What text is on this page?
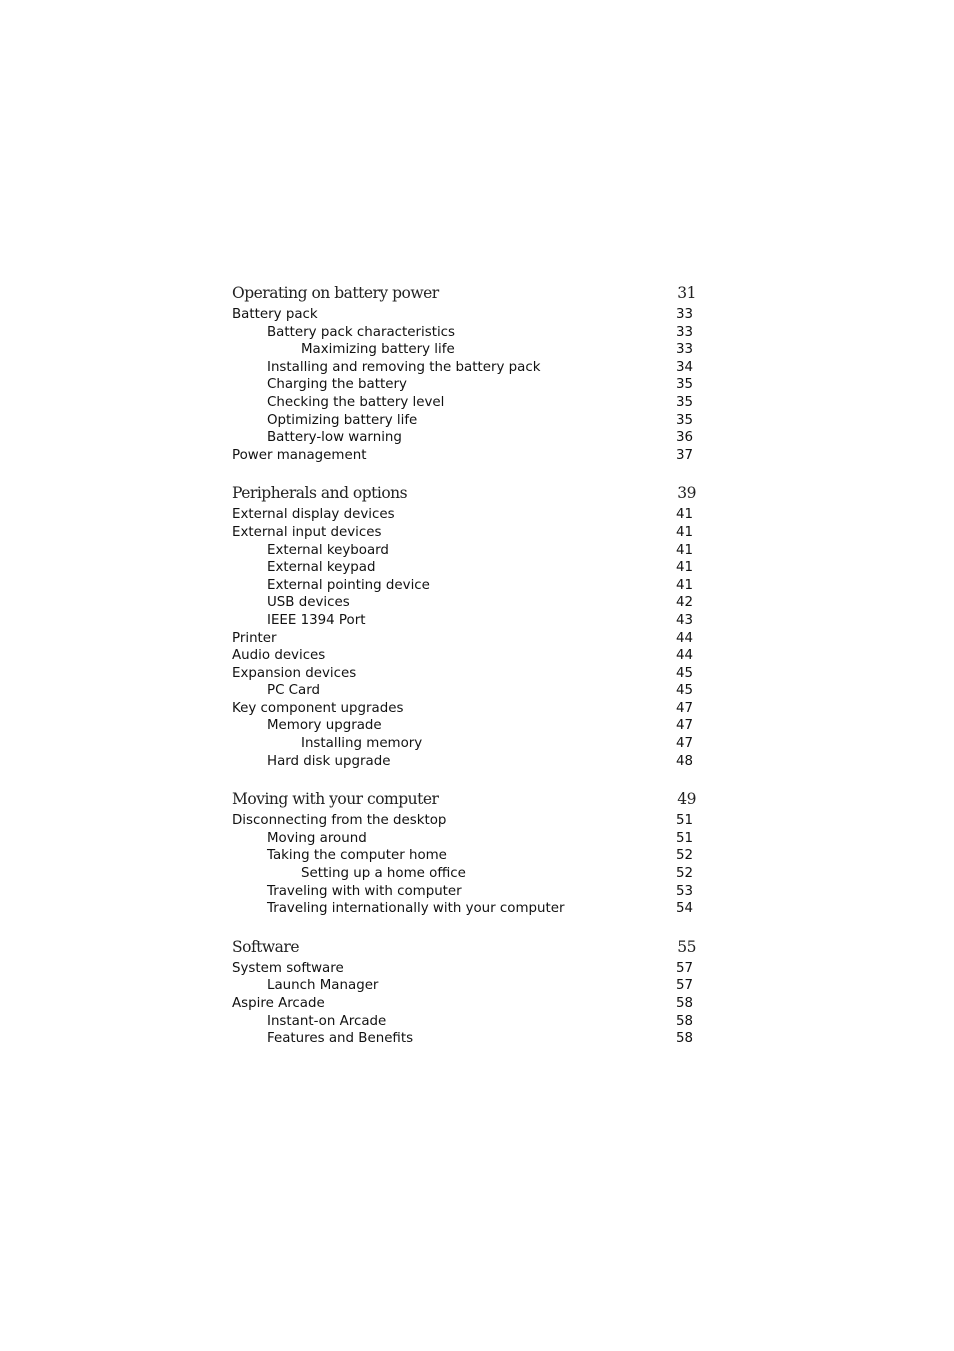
Operating on battery power	31
Battery pack	33
Battery pack characteristics	33
Maximizing battery life	33
Installing and removing the battery pack	34
Charging the battery	35
Checking the battery level	35
Optimizing battery life	35
Battery-low warning	36
Power management	37
Peripherals and options	39
External display devices	41
External input devices	41
External keyboard	41
External keypad	41
External pointing device	41
USB devices	42
IEEE 1394 Port	43
Printer	44
Audio devices	44
Expansion devices	45
PC Card	45
Key component upgrades	47
Memory upgrade	47
Installing memory	47
Hard disk upgrade	48
Moving with your computer	49
Disconnecting from the desktop	51
Moving around	51
Taking the computer home	52
Setting up a home office	52
Traveling with with computer	53
Traveling internationally with your computer	54
Software	55
System software	57
Launch Manager	57
Aspire Arcade	58
Instant-on Arcade	58
Features and Benefits	58
